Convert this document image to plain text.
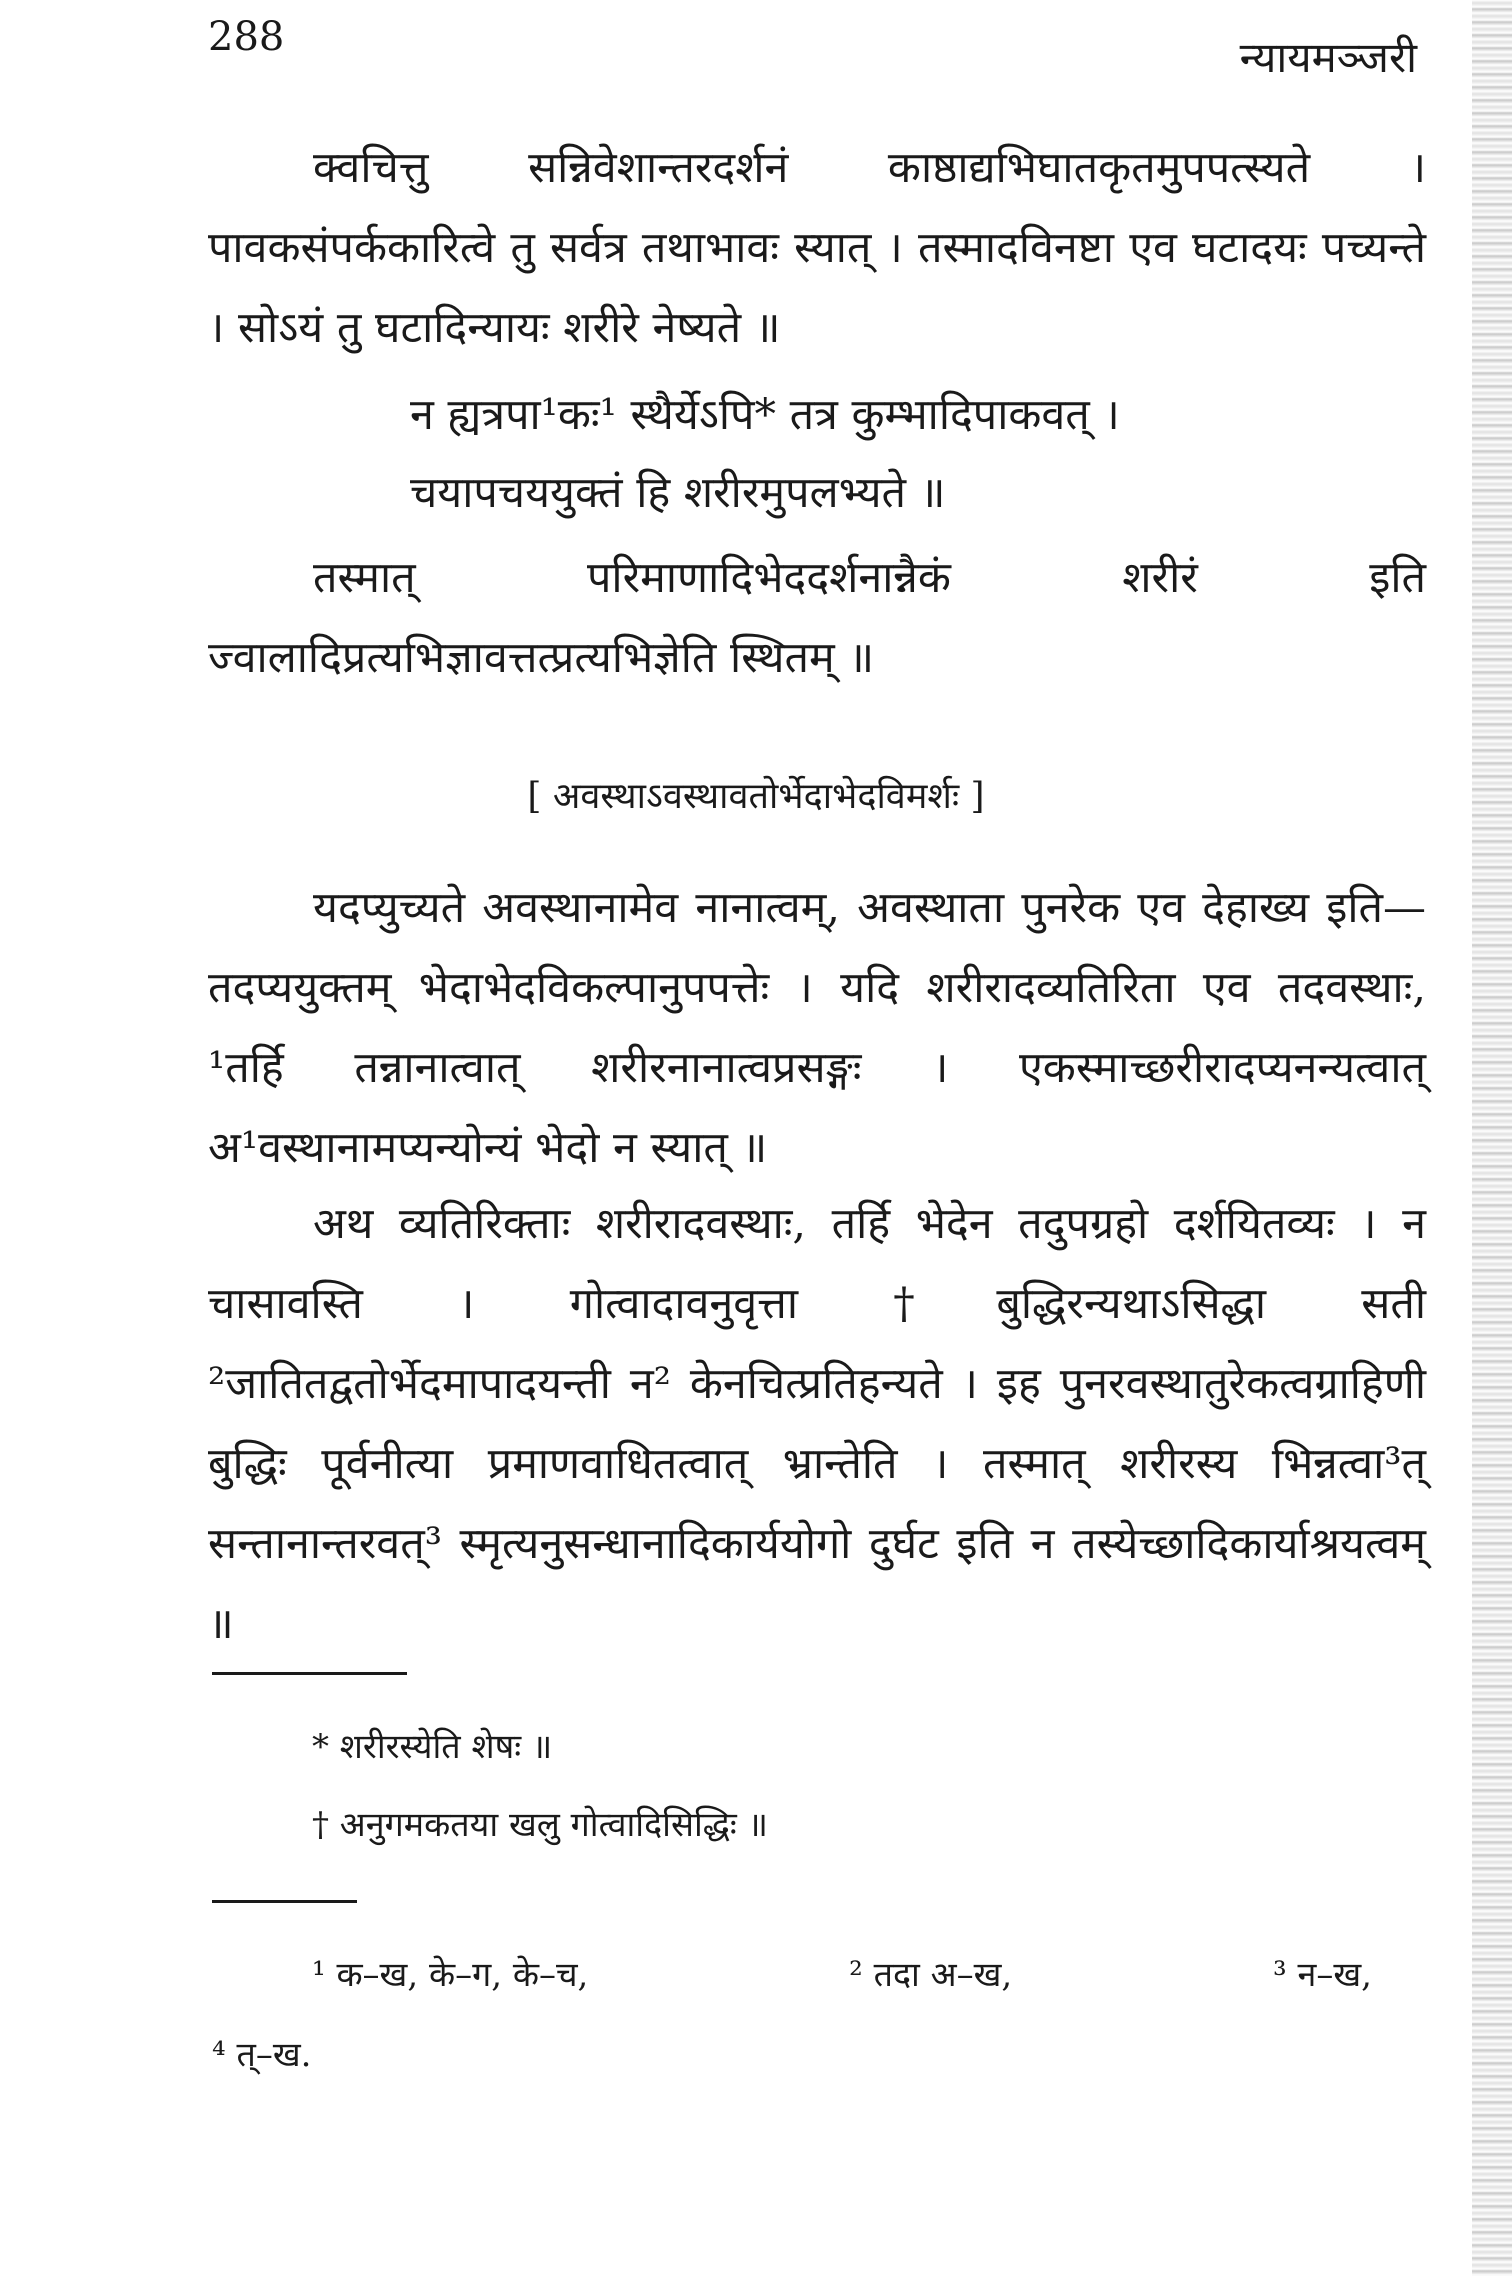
288	न्यायमञ्जरी

क्वचित्तु सन्निवेशान्तरदर्शनं काष्ठाद्यभिघातकृतमुपपत्स्यते । पावकसंपर्ककारित्वे तु सर्वत्र तथाभावः स्यात् । तस्मादविनष्टा एव घटादयः पच्यन्ते । सोऽयं तु घटादिन्यायः शरीरे नेष्यते ॥

न ह्यत्रपा¹कः¹ स्थैर्येऽपि* तत्र कुम्भादिपाकवत् ।
चयापचययुक्तं हि शरीरमुपलभ्यते ॥

तस्मात् परिमाणादिभेददर्शनान्नैकं शरीरं इति ज्वालादिप्रत्यभिज्ञावत्तत्प्रत्यभिज्ञेति स्थितम् ॥

[ अवस्थाऽवस्थावतोर्भेदाभेदविमर्शः ]

यदप्युच्यते अवस्थानामेव नानात्वम्, अवस्थाता पुनरेक एव देहाख्य इति—तदप्ययुक्तम् भेदाभेदविकल्पानुपपत्तेः । यदि शरीरादव्यतिरिता एव तदवस्थाः, ¹तर्हि तन्नानात्वात् शरीरनानात्वप्रसङ्गः । एकस्माच्छरीरादप्यनन्यत्वात् अ¹वस्थानामप्यन्योन्यं भेदो न स्यात् ॥

अथ व्यतिरिक्ताः शरीरादवस्थाः, तर्हि भेदेन तदुपग्रहो दर्शयितव्यः । न चासावस्ति । गोत्वादावनुवृत्ता †बुद्धिरन्यथाऽसिद्धा सती ²जातितद्वतोर्भेदमापादयन्ती न² केनचित्प्रतिहन्यते । इह पुनरवस्थातुरेकत्वग्राहिणी बुद्धिः पूर्वनीत्या प्रमाणवाधितत्वात् भ्रान्तेति । तस्मात् शरीरस्य भिन्नत्वा³त् सन्तानान्तरवत्³ स्मृत्यनुसन्धानादिकार्ययोगो दुर्घट इति न तस्येच्छादिकार्याश्रयत्वम् ॥

* शरीरस्येति शेषः ॥
† अनुगमकतया खलु गोत्वादिसिद्धिः ॥
¹ क–ख, के–ग, के–च,	² तदा अ–ख,	³ न–ख,
⁴ त्–ख.
